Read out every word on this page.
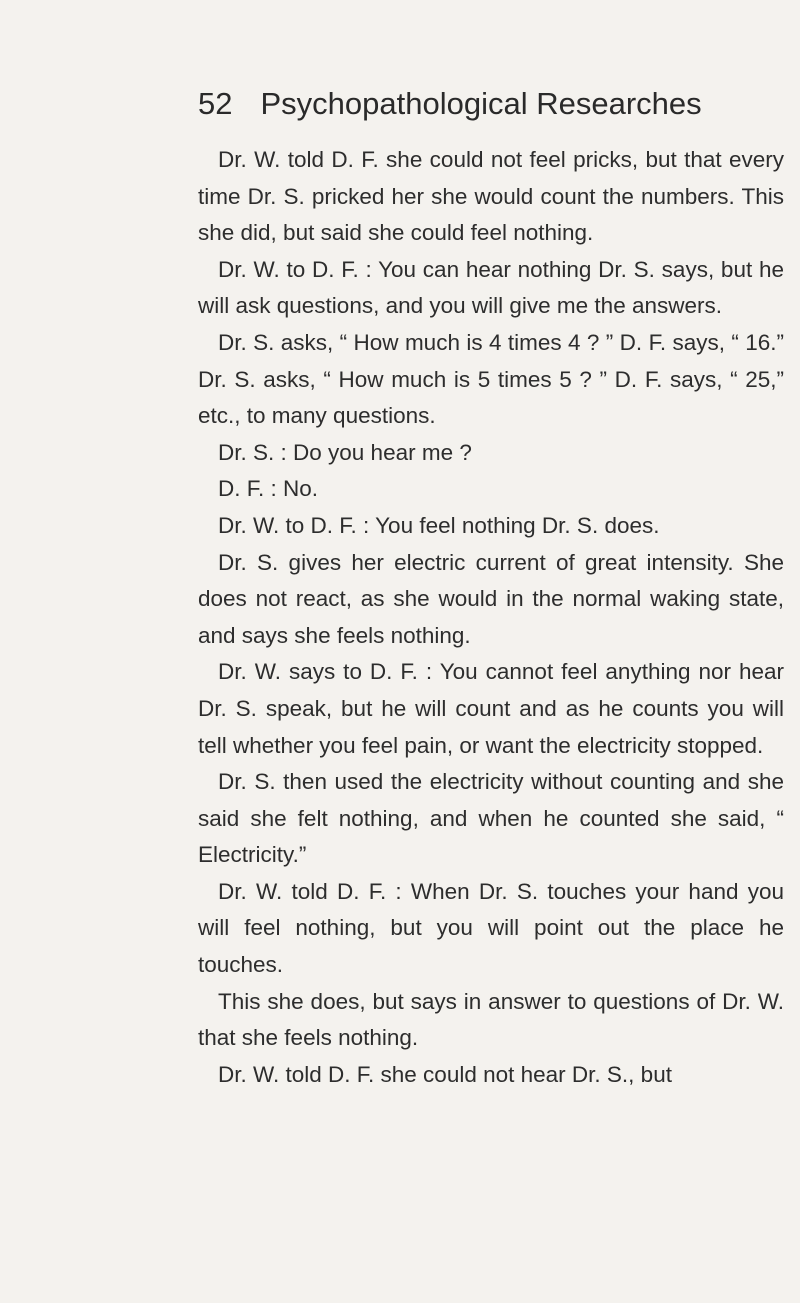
52 Psychopathological Researches

Dr. W. told D. F. she could not feel pricks, but that every time Dr. S. pricked her she would count the numbers. This she did, but said she could feel nothing.

Dr. W. to D. F. : You can hear nothing Dr. S. says, but he will ask questions, and you will give me the answers.

Dr. S. asks, “ How much is 4 times 4 ? ” D. F. says, “ 16.” Dr. S. asks, “ How much is 5 times 5 ? ” D. F. says, “ 25,” etc., to many questions.

Dr. S. : Do you hear me ?

D. F. : No.

Dr. W. to D. F. : You feel nothing Dr. S. does.

Dr. S. gives her electric current of great intensity. She does not react, as she would in the normal waking state, and says she feels nothing.

Dr. W. says to D. F. : You cannot feel anything nor hear Dr. S. speak, but he will count and as he counts you will tell whether you feel pain, or want the electricity stopped.

Dr. S. then used the electricity without counting and she said she felt nothing, and when he counted she said, “ Electricity.”

Dr. W. told D. F. : When Dr. S. touches your hand you will feel nothing, but you will point out the place he touches.

This she does, but says in answer to questions of Dr. W. that she feels nothing.

Dr. W. told D. F. she could not hear Dr. S., but
